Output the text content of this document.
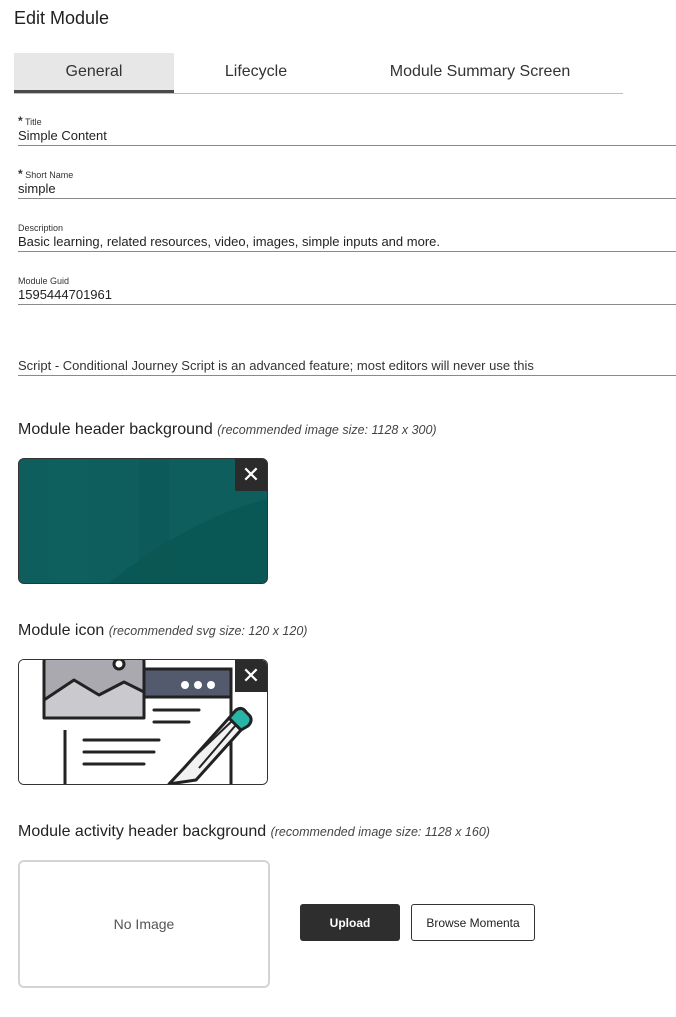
Edit Module
General	Lifecycle	Module Summary Screen
* Title
Simple Content
* Short Name
simple
Description
Basic learning, related resources, video, images, simple inputs and more.
Module Guid
1595444701961
Script - Conditional Journey Script is an advanced feature; most editors will never use this
Module header background (recommended image size: 1128 x 300)
✕
Module icon (recommended svg size: 120 x 120)
✕
Module activity header background (recommended image size: 1128 x 160)
No Image	Upload	Browse Momenta
